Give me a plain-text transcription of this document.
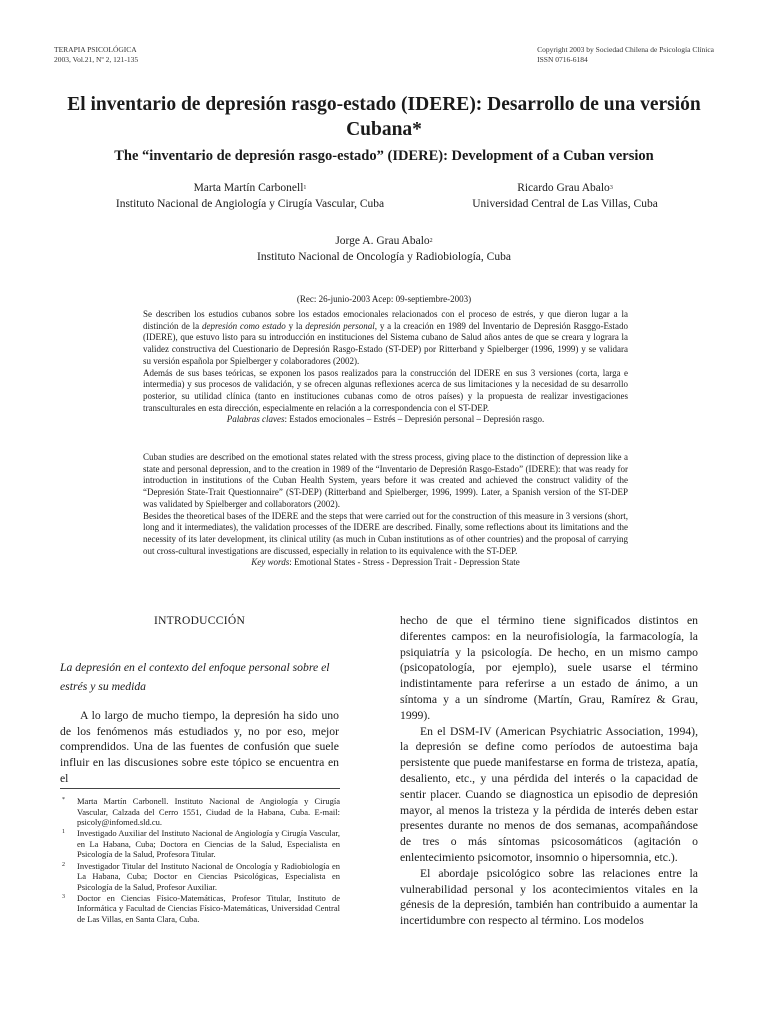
TERAPIA PSICOLÓGICA
2003, Vol.21, Nº 2, 121-135
Copyright 2003 by Sociedad Chilena de Psicología Clínica
ISSN 0716-6184
El inventario de depresión rasgo-estado (IDERE): Desarrollo de una versión Cubana*
The “inventario de depresión rasgo-estado” (IDERE): Development of a Cuban version
Marta Martín Carbonell$^1$
Instituto Nacional de Angiología y Cirugía Vascular, Cuba
Ricardo Grau Abalo$^3$
Universidad Central de Las Villas, Cuba
Jorge A. Grau Abalo$^2$
Instituto Nacional de Oncología y Radiobiología, Cuba
(Rec: 26-junio-2003 Acep: 09-septiembre-2003)

Se describen los estudios cubanos sobre los estados emocionales relacionados con el proceso de estrés, y que dieron lugar a la distinción de la depresión como estado y la depresión personal, y a la creación en 1989 del Inventario de Depresión Rasggo-Estado (IDERE), que estuvo listo para su introducción en instituciones del Sistema cubano de Salud años antes de que se creara y lograra la validez constructiva del Cuestionario de Depresión Rasgo-Estado (ST-DEP) por Ritterband y Spielberger (1996, 1999) y se validara su versión española por Spielberger y colaboradores (2002).

Además de sus bases teóricas, se exponen los pasos realizados para la construcción del IDERE en sus 3 versiones (corta, larga e intermedia) y sus procesos de validación, y se ofrecen algunas reflexiones acerca de sus limitaciones y la necesidad de su desarrollo posterior, su utilidad clínica (tanto en instituciones cubanas como de otros países) y la propuesta de realizar investigaciones transculturales en esta dirección, especialmente en relación a la correspondencia con el ST-DEP.

Palabras claves: Estados emocionales – Estrés – Depresión personal – Depresión rasgo.

Cuban studies are described on the emotional states related with the stress process, giving place to the distinction of depression like a state and personal depression, and to the creation in 1989 of the “Inventario de Depresión Rasgo-Estado” (IDERE): that was ready for introduction in institutions of the Cuban Health System, years before it was created and achieved the construct validity of the “Depresión State-Trait Questionnaire” (ST-DEP) (Ritterband and Spielberger, 1996, 1999). Later, a Spanish version of the ST-DEP was validated by Spielberger and collaborators (2002).

Besides the theoretical bases of the IDERE and the steps that were carried out for the construction of this measure in 3 versions (short, long and it intermediates), the validation processes of the IDERE are described. Finally, some reflections about its limitations and the necessity of its later development, its clinical utility (as much in Cuban institutions as of other countries) and the proposal of carrying out cross-cultural investigations are discussed, especially in relation to its equivalence with the ST-DEP.

Key words: Emotional States - Stress - Depression Trait - Depression State

INTRODUCCIÓN
La depresión en el contexto del enfoque personal sobre el estrés y su medida

A lo largo de mucho tiempo, la depresión ha sido uno de los fenómenos más estudiados y, no por eso, mejor comprendidos. Una de las fuentes de confusión que suele influir en las discusiones sobre este tópico se encuentra en el

*	Marta Martín Carbonell. Instituto Nacional de Angiología y Cirugía Vascular, Calzada del Cerro 1551, Ciudad de la Habana, Cuba. E-mail: psicoly@infomed.sld.cu.
1	Investigado Auxiliar del Instituto Nacional de Angiología y Cirugía Vascular, en La Habana, Cuba; Doctora en Ciencias de la Salud, Especialista en Psicología de la Salud, Profesora Titular.
2	Investigador Titular del Instituto Nacional de Oncología y Radiobiología en La Habana, Cuba; Doctor en Ciencias Psicológicas, Especialista en Psicología de la Salud, Profesor Auxiliar.
3	Doctor en Ciencias Físico-Matemáticas, Profesor Titular, Instituto de Informática y Facultad de Ciencias Físico-Matemáticas, Universidad Central de Las Villas, en Santa Clara, Cuba.

hecho de que el término tiene significados distintos en diferentes campos: en la neurofisiología, la farmacología, la psiquiatría y la psicología. De hecho, en un mismo campo (psicopatología, por ejemplo), suele usarse el término indistintamente para referirse a un estado de ánimo, a un síntoma y a un síndrome (Martín, Grau, Ramírez & Grau, 1999).

En el DSM-IV (American Psychiatric Association, 1994), la depresión se define como períodos de autoestima baja persistente que puede manifestarse en forma de tristeza, apatía, desaliento, etc., y una pérdida del interés o la capacidad de sentir placer. Cuando se diagnostica un episodio de depresión mayor, al menos la tristeza y la pérdida de interés deben estar presentes durante no menos de dos semanas, acompañándose de tres o más síntomas psicosomáticos (agitación o enlentecimiento psicomotor, insomnio o hipersomnia, etc.).

El abordaje psicológico sobre las relaciones entre la vulnerabilidad personal y los acontecimientos vitales en la génesis de la depresión, también han contribuido a aumentar la incertidumbre con respecto al término. Los modelos
